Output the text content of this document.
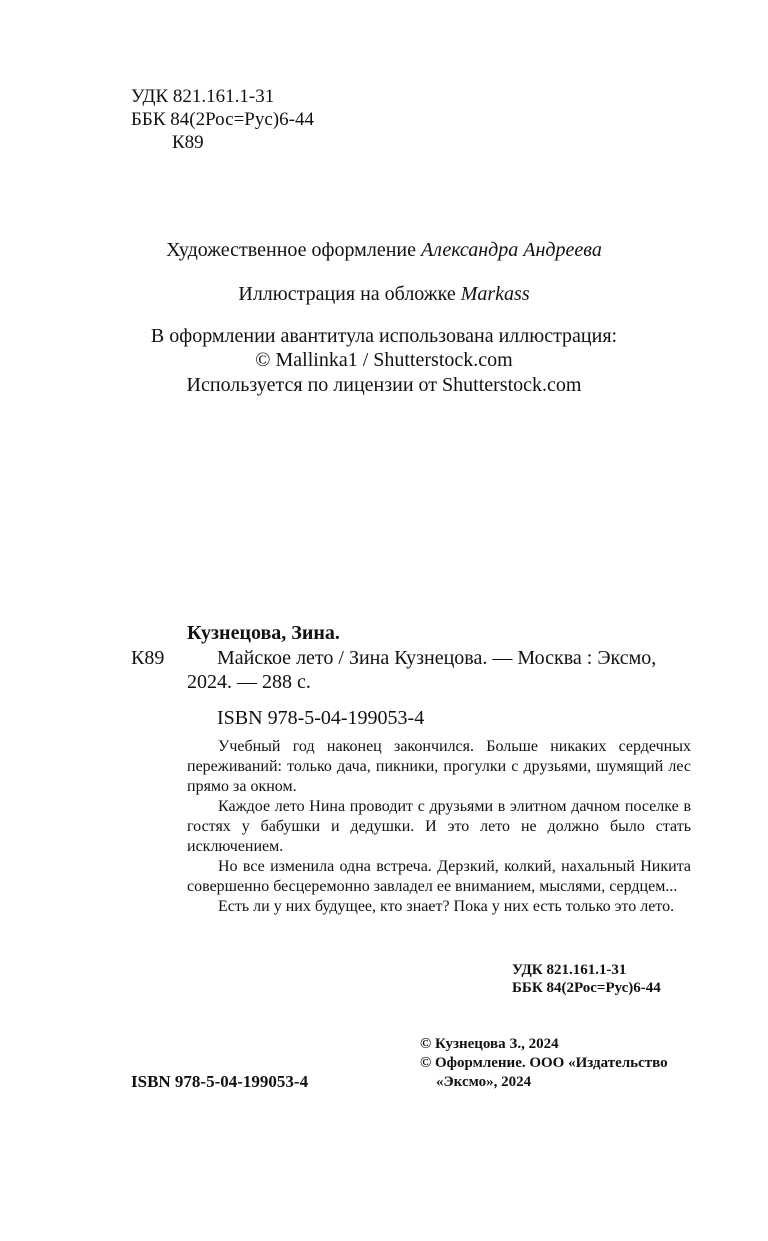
УДК 821.161.1-31
ББК 84(2Рос=Рус)6-44
К89
Художественное оформление Александра Андреева
Иллюстрация на обложке Markass
В оформлении авантитула использована иллюстрация:
© Mallinka1 / Shutterstock.com
Используется по лицензии от Shutterstock.com
Кузнецова, Зина.
К89	Майское лето / Зина Кузнецова. — Москва : Эксмо,
2024. — 288 с.
ISBN 978-5-04-199053-4

Учебный год наконец закончился. Больше никаких сердечных переживаний: только дача, пикники, прогулки с друзьями, шумящий лес прямо за окном.

Каждое лето Нина проводит с друзьями в элитном дачном поселке в гостях у бабушки и дедушки. И это лето не должно было стать исключением.

Но все изменила одна встреча. Дерзкий, колкий, нахальный Никита совершенно бесцеремонно завладел ее вниманием, мыслями, сердцем...

Есть ли у них будущее, кто знает? Пока у них есть только это лето.

УДК 821.161.1-31
ББК 84(2Рос=Рус)6-44
© Кузнецова З., 2024
© Оформление. ООО «Издательство
«Эксмо», 2024
ISBN 978-5-04-199053-4
